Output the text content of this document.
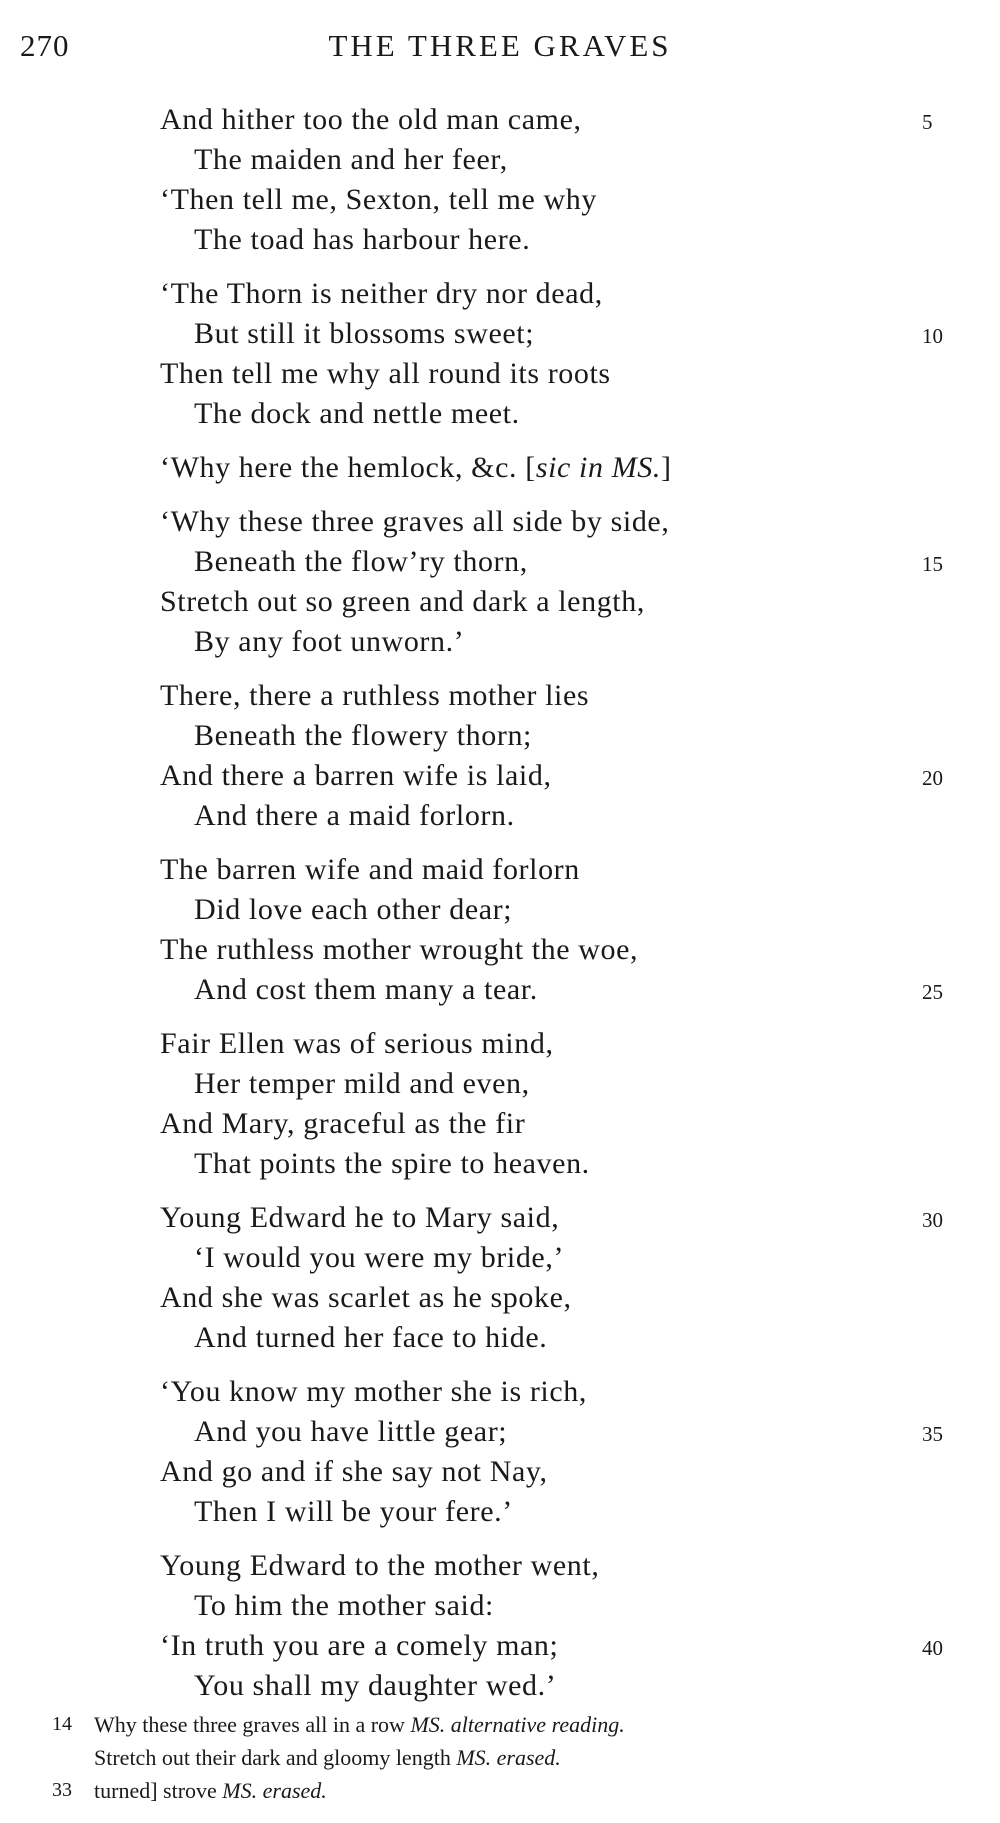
270	THE THREE GRAVES
And hither too the old man came,	5
The maiden and her feer,
‘Then tell me, Sexton, tell me why
The toad has harbour here.
‘The Thorn is neither dry nor dead,
But still it blossoms sweet;	10
Then tell me why all round its roots
The dock and nettle meet.
‘Why here the hemlock, &c. [sic in MS.]
‘Why these three graves all side by side,
Beneath the flow’ry thorn,	15
Stretch out so green and dark a length,
By any foot unworn.’
There, there a ruthless mother lies
Beneath the flowery thorn;
And there a barren wife is laid,	20
And there a maid forlorn.
The barren wife and maid forlorn
Did love each other dear;
The ruthless mother wrought the woe,
And cost them many a tear.	25
Fair Ellen was of serious mind,
Her temper mild and even,
And Mary, graceful as the fir
That points the spire to heaven.
Young Edward he to Mary said,	30
‘I would you were my bride,’
And she was scarlet as he spoke,
And turned her face to hide.
‘You know my mother she is rich,
And you have little gear;	35
And go and if she say not Nay,
Then I will be your fere.’
Young Edward to the mother went,
To him the mother said:
‘In truth you are a comely man;	40
You shall my daughter wed.’
14 Why these three graves all in a row MS. alternative reading.
Stretch out their dark and gloomy length MS. erased.
33 turned] strove MS. erased.
